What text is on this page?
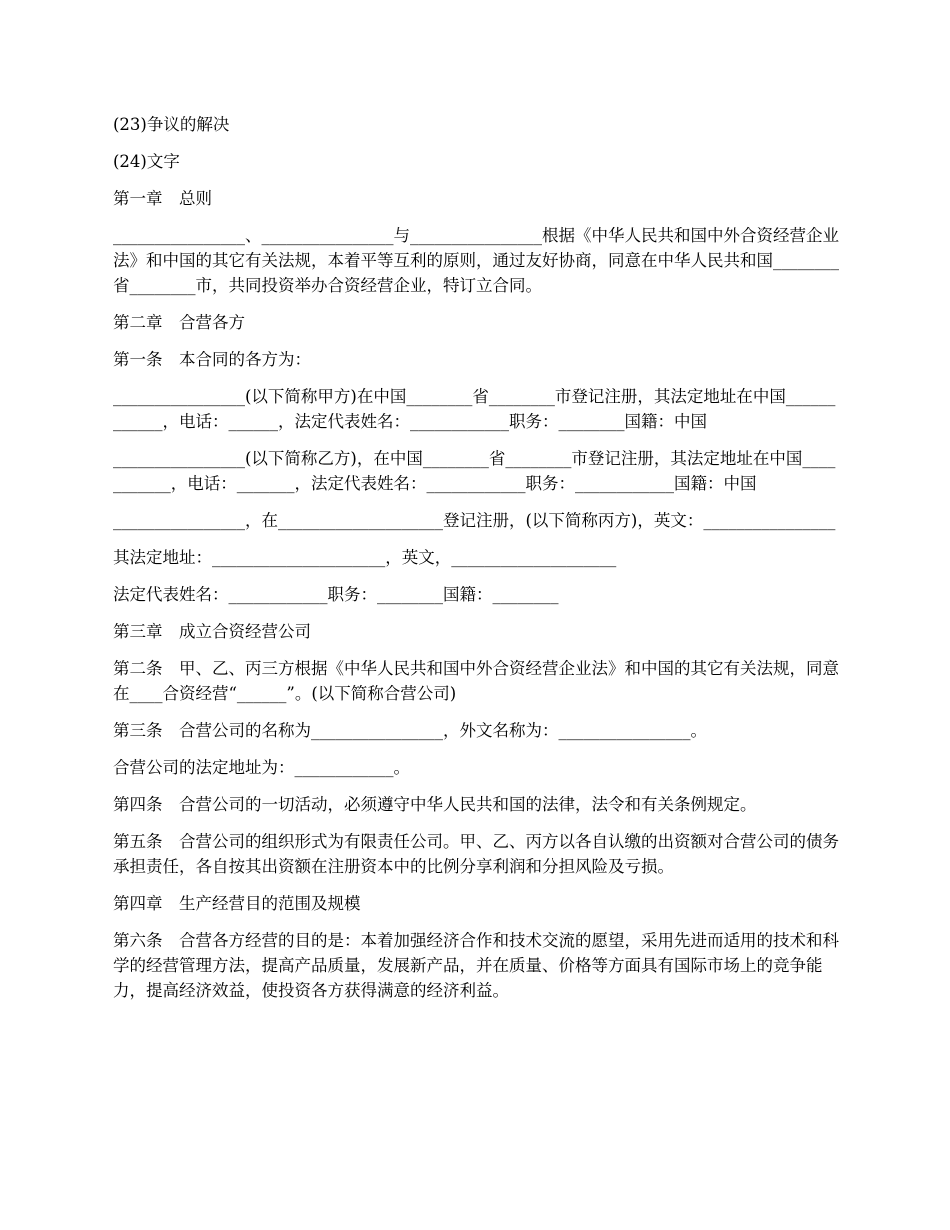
(23)争议的解决

(24)文字

第一章　总则

________________、________________与________________根据《中华人民共和国中外合资经营企业法》和中国的其它有关法规，本着平等互利的原则，通过友好协商，同意在中华人民共和国________省________市，共同投资举办合资经营企业，特订立合同。

第二章　合营各方

第一条　本合同的各方为：

________________(以下简称甲方)在中国________省________市登记注册，其法定地址在中国____________，电话：______，法定代表姓名：____________职务：________国籍：中国

________________(以下简称乙方)，在中国________省________市登记注册，其法定地址在中国___________，电话：_______，法定代表姓名：____________职务：____________国籍：中国

________________，在____________________登记注册，(以下简称丙方)，英文：________________

其法定地址：_____________________，英文，____________________

法定代表姓名：____________职务：________国籍：________

第三章　成立合资经营公司

第二条　甲、乙、丙三方根据《中华人民共和国中外合资经营企业法》和中国的其它有关法规，同意在____合资经营“______”。(以下简称合营公司)

第三条　合营公司的名称为________________，外文名称为：________________。

合营公司的法定地址为：____________。

第四条　合营公司的一切活动，必须遵守中华人民共和国的法律，法令和有关条例规定。

第五条　合营公司的组织形式为有限责任公司。甲、乙、丙方以各自认缴的出资额对合营公司的债务承担责任，各自按其出资额在注册资本中的比例分享利润和分担风险及亏损。

第四章　生产经营目的范围及规模

第六条　合营各方经营的目的是：本着加强经济合作和技术交流的愿望，采用先进而适用的技术和科学的经营管理方法，提高产品质量，发展新产品，并在质量、价格等方面具有国际市场上的竞争能力，提高经济效益，使投资各方获得满意的经济利益。
